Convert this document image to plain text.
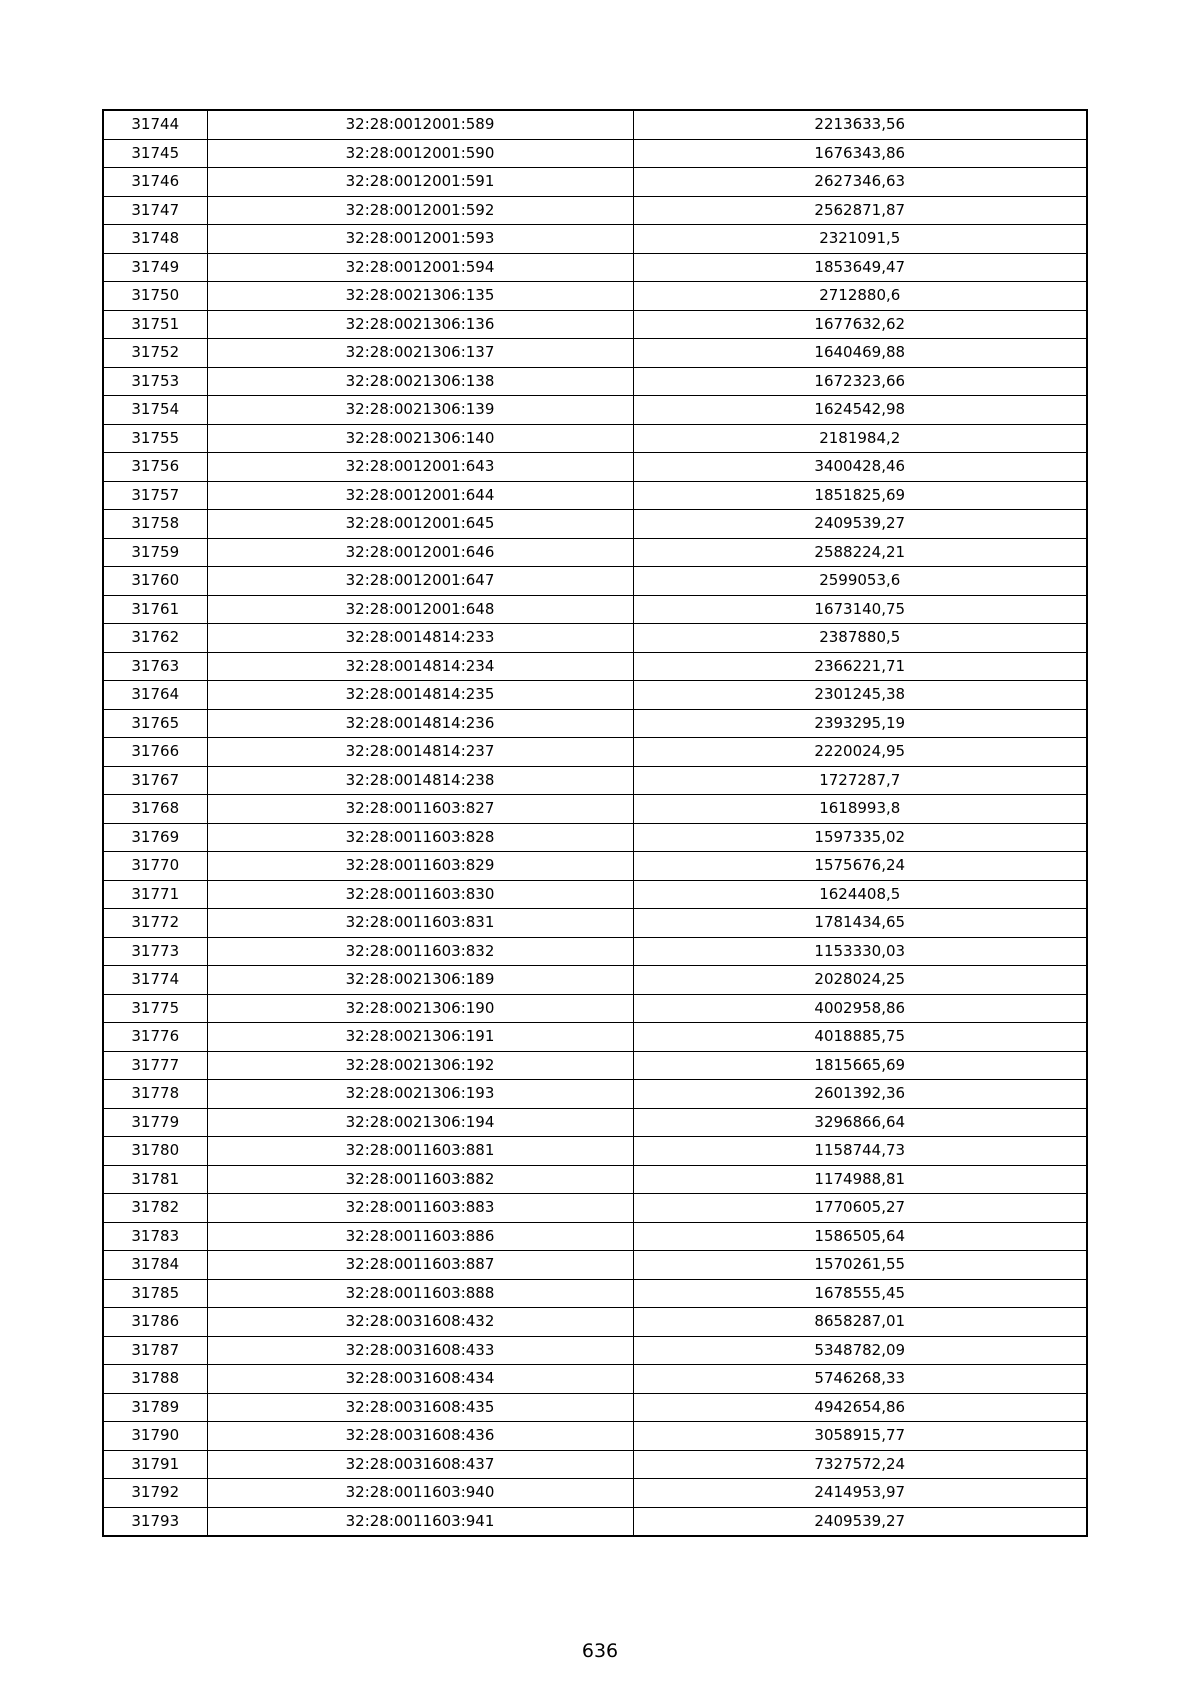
31744	32:28:0012001:589	2213633,56
31745	32:28:0012001:590	1676343,86
31746	32:28:0012001:591	2627346,63
31747	32:28:0012001:592	2562871,87
31748	32:28:0012001:593	2321091,5
31749	32:28:0012001:594	1853649,47
31750	32:28:0021306:135	2712880,6
31751	32:28:0021306:136	1677632,62
31752	32:28:0021306:137	1640469,88
31753	32:28:0021306:138	1672323,66
31754	32:28:0021306:139	1624542,98
31755	32:28:0021306:140	2181984,2
31756	32:28:0012001:643	3400428,46
31757	32:28:0012001:644	1851825,69
31758	32:28:0012001:645	2409539,27
31759	32:28:0012001:646	2588224,21
31760	32:28:0012001:647	2599053,6
31761	32:28:0012001:648	1673140,75
31762	32:28:0014814:233	2387880,5
31763	32:28:0014814:234	2366221,71
31764	32:28:0014814:235	2301245,38
31765	32:28:0014814:236	2393295,19
31766	32:28:0014814:237	2220024,95
31767	32:28:0014814:238	1727287,7
31768	32:28:0011603:827	1618993,8
31769	32:28:0011603:828	1597335,02
31770	32:28:0011603:829	1575676,24
31771	32:28:0011603:830	1624408,5
31772	32:28:0011603:831	1781434,65
31773	32:28:0011603:832	1153330,03
31774	32:28:0021306:189	2028024,25
31775	32:28:0021306:190	4002958,86
31776	32:28:0021306:191	4018885,75
31777	32:28:0021306:192	1815665,69
31778	32:28:0021306:193	2601392,36
31779	32:28:0021306:194	3296866,64
31780	32:28:0011603:881	1158744,73
31781	32:28:0011603:882	1174988,81
31782	32:28:0011603:883	1770605,27
31783	32:28:0011603:886	1586505,64
31784	32:28:0011603:887	1570261,55
31785	32:28:0011603:888	1678555,45
31786	32:28:0031608:432	8658287,01
31787	32:28:0031608:433	5348782,09
31788	32:28:0031608:434	5746268,33
31789	32:28:0031608:435	4942654,86
31790	32:28:0031608:436	3058915,77
31791	32:28:0031608:437	7327572,24
31792	32:28:0011603:940	2414953,97
31793	32:28:0011603:941	2409539,27
636
